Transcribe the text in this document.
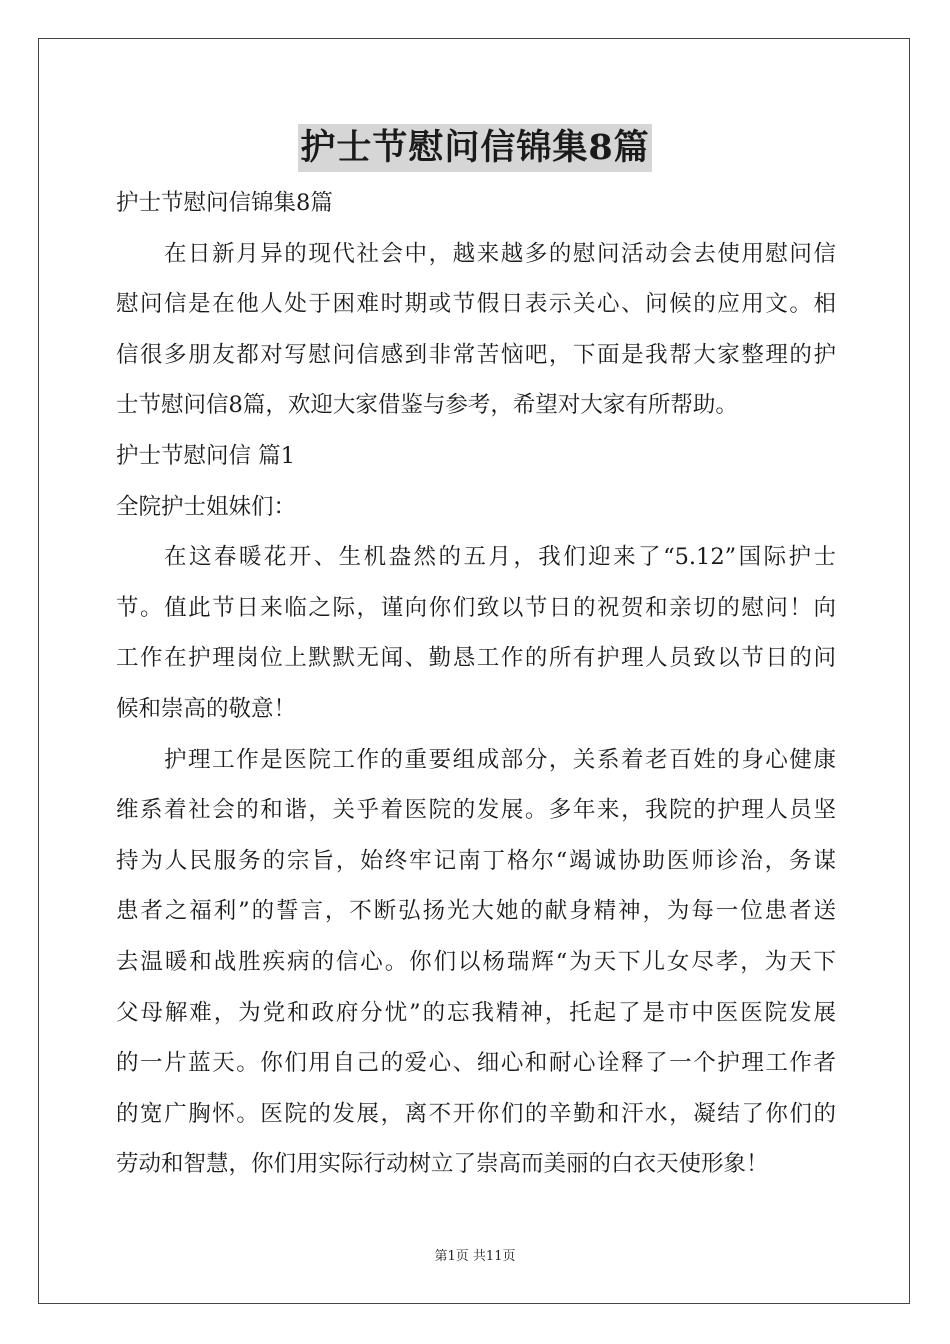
护士节慰问信锦集8篇
护士节慰问信锦集8篇
在日新月异的现代社会中，越来越多的慰问活动会去使用慰问信
慰问信是在他人处于困难时期或节假日表示关心、问候的应用文。相
信很多朋友都对写慰问信感到非常苦恼吧，下面是我帮大家整理的护
士节慰问信8篇，欢迎大家借鉴与参考，希望对大家有所帮助。
护士节慰问信 篇1
全院护士姐妹们：
在这春暖花开、生机盎然的五月，我们迎来了“5.12”国际护士
节。值此节日来临之际，谨向你们致以节日的祝贺和亲切的慰问！向
工作在护理岗位上默默无闻、勤恳工作的所有护理人员致以节日的问
候和崇高的敬意！
护理工作是医院工作的重要组成部分，关系着老百姓的身心健康
维系着社会的和谐，关乎着医院的发展。多年来，我院的护理人员坚
持为人民服务的宗旨，始终牢记南丁格尔“竭诚协助医师诊治，务谋
患者之福利”的誓言，不断弘扬光大她的献身精神，为每一位患者送
去温暖和战胜疾病的信心。你们以杨瑞辉“为天下儿女尽孝，为天下
父母解难，为党和政府分忧”的忘我精神，托起了是市中医医院发展
的一片蓝天。你们用自己的爱心、细心和耐心诠释了一个护理工作者
的宽广胸怀。医院的发展，离不开你们的辛勤和汗水，凝结了你们的
劳动和智慧，你们用实际行动树立了崇高而美丽的白衣天使形象！
第1页 共11页
